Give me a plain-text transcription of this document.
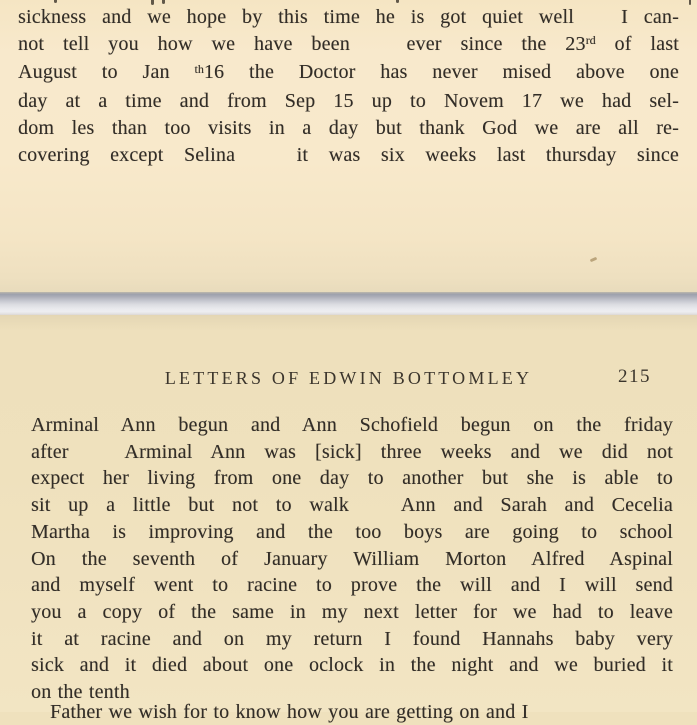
sickness and we hope by this time he is got quiet well   I can-
not tell you how we have been   ever since the 23rd of last
August to Jan $^{th}$16 the Doctor has never mised above one
day at a time and from Sep 15 up to Novem 17 we had sel-
dom les than too visits in a day but thank God we are all re-
covering except Selina   it was six weeks last thursday since
LETTERS OF EDWIN BOTTOMLEY	215
Arminal Ann begun and Ann Schofield begun on the friday
after   Arminal Ann was [sick] three weeks and we did not
expect her living from one day to another but she is able to
sit up a little but not to walk   Ann and Sarah and Cecelia
Martha is improving and the too boys are going to school
On the seventh of January William Morton Alfred Aspinal
and myself went to racine to prove the will and I will send
you a copy of the same in my next letter for we had to leave
it at racine and on my return I found Hannahs baby very
sick and it died about one oclock in the night and we buried it
on the tenth
Father we wish for to know how you are getting on and I
